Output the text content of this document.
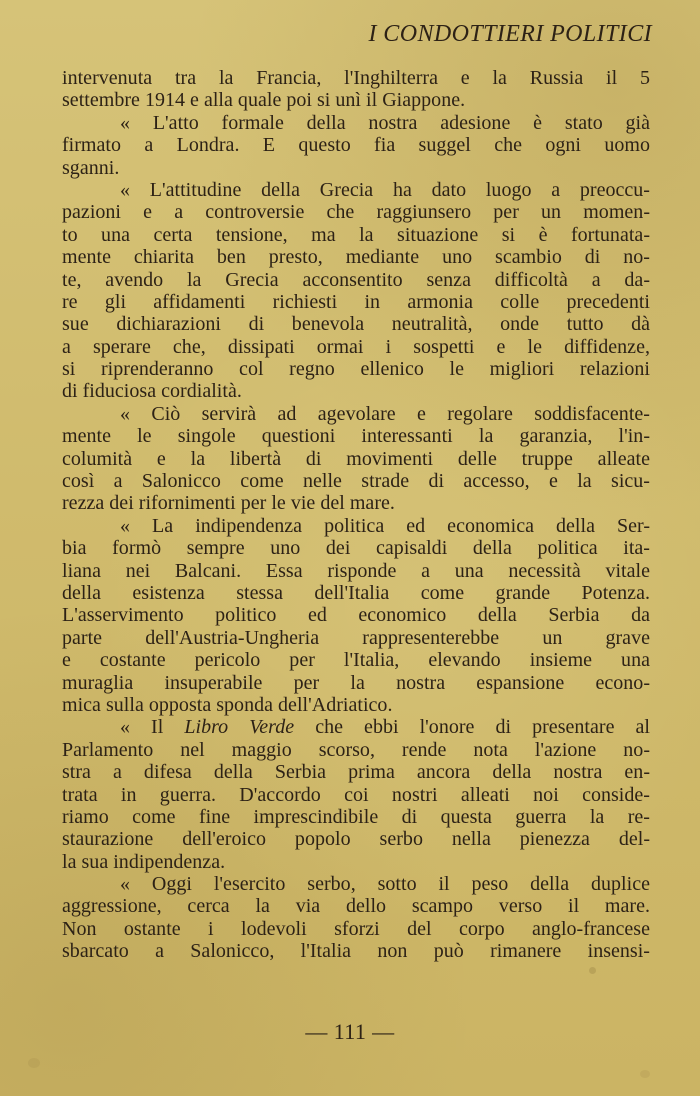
I CONDOTTIERI POLITICI
intervenuta tra la Francia, l'Inghilterra e la Russia il 5
settembre 1914 e alla quale poi si unì il Giappone.
« L'atto formale della nostra adesione è stato già
firmato a Londra. E questo fia suggel che ogni uomo
sganni.
« L'attitudine della Grecia ha dato luogo a preoccu-
pazioni e a controversie che raggiunsero per un momen-
to una certa tensione, ma la situazione si è fortunata-
mente chiarita ben presto, mediante uno scambio di no-
te, avendo la Grecia acconsentito senza difficoltà a da-
re gli affidamenti richiesti in armonia colle precedenti
sue dichiarazioni di benevola neutralità, onde tutto dà
a sperare che, dissipati ormai i sospetti e le diffidenze,
si riprenderanno col regno ellenico le migliori relazioni
di fiduciosa cordialità.
« Ciò servirà ad agevolare e regolare soddisfacente-
mente le singole questioni interessanti la garanzia, l'in-
columità e la libertà di movimenti delle truppe alleate
così a Salonicco come nelle strade di accesso, e la sicu-
rezza dei rifornimenti per le vie del mare.
« La indipendenza politica ed economica della Ser-
bia formò sempre uno dei capisaldi della politica ita-
liana nei Balcani. Essa risponde a una necessità vitale
della esistenza stessa dell'Italia come grande Potenza.
L'asservimento politico ed economico della Serbia da
parte dell'Austria-Ungheria rappresenterebbe un grave
e costante pericolo per l'Italia, elevando insieme una
muraglia insuperabile per la nostra espansione econo-
mica sulla opposta sponda dell'Adriatico.
« Il Libro Verde che ebbi l'onore di presentare al
Parlamento nel maggio scorso, rende nota l'azione no-
stra a difesa della Serbia prima ancora della nostra en-
trata in guerra. D'accordo coi nostri alleati noi conside-
riamo come fine imprescindibile di questa guerra la re-
staurazione dell'eroico popolo serbo nella pienezza del-
la sua indipendenza.
« Oggi l'esercito serbo, sotto il peso della duplice
aggressione, cerca la via dello scampo verso il mare.
Non ostante i lodevoli sforzi del corpo anglo-francese
sbarcato a Salonicco, l'Italia non può rimanere insensi-
— 111 —
